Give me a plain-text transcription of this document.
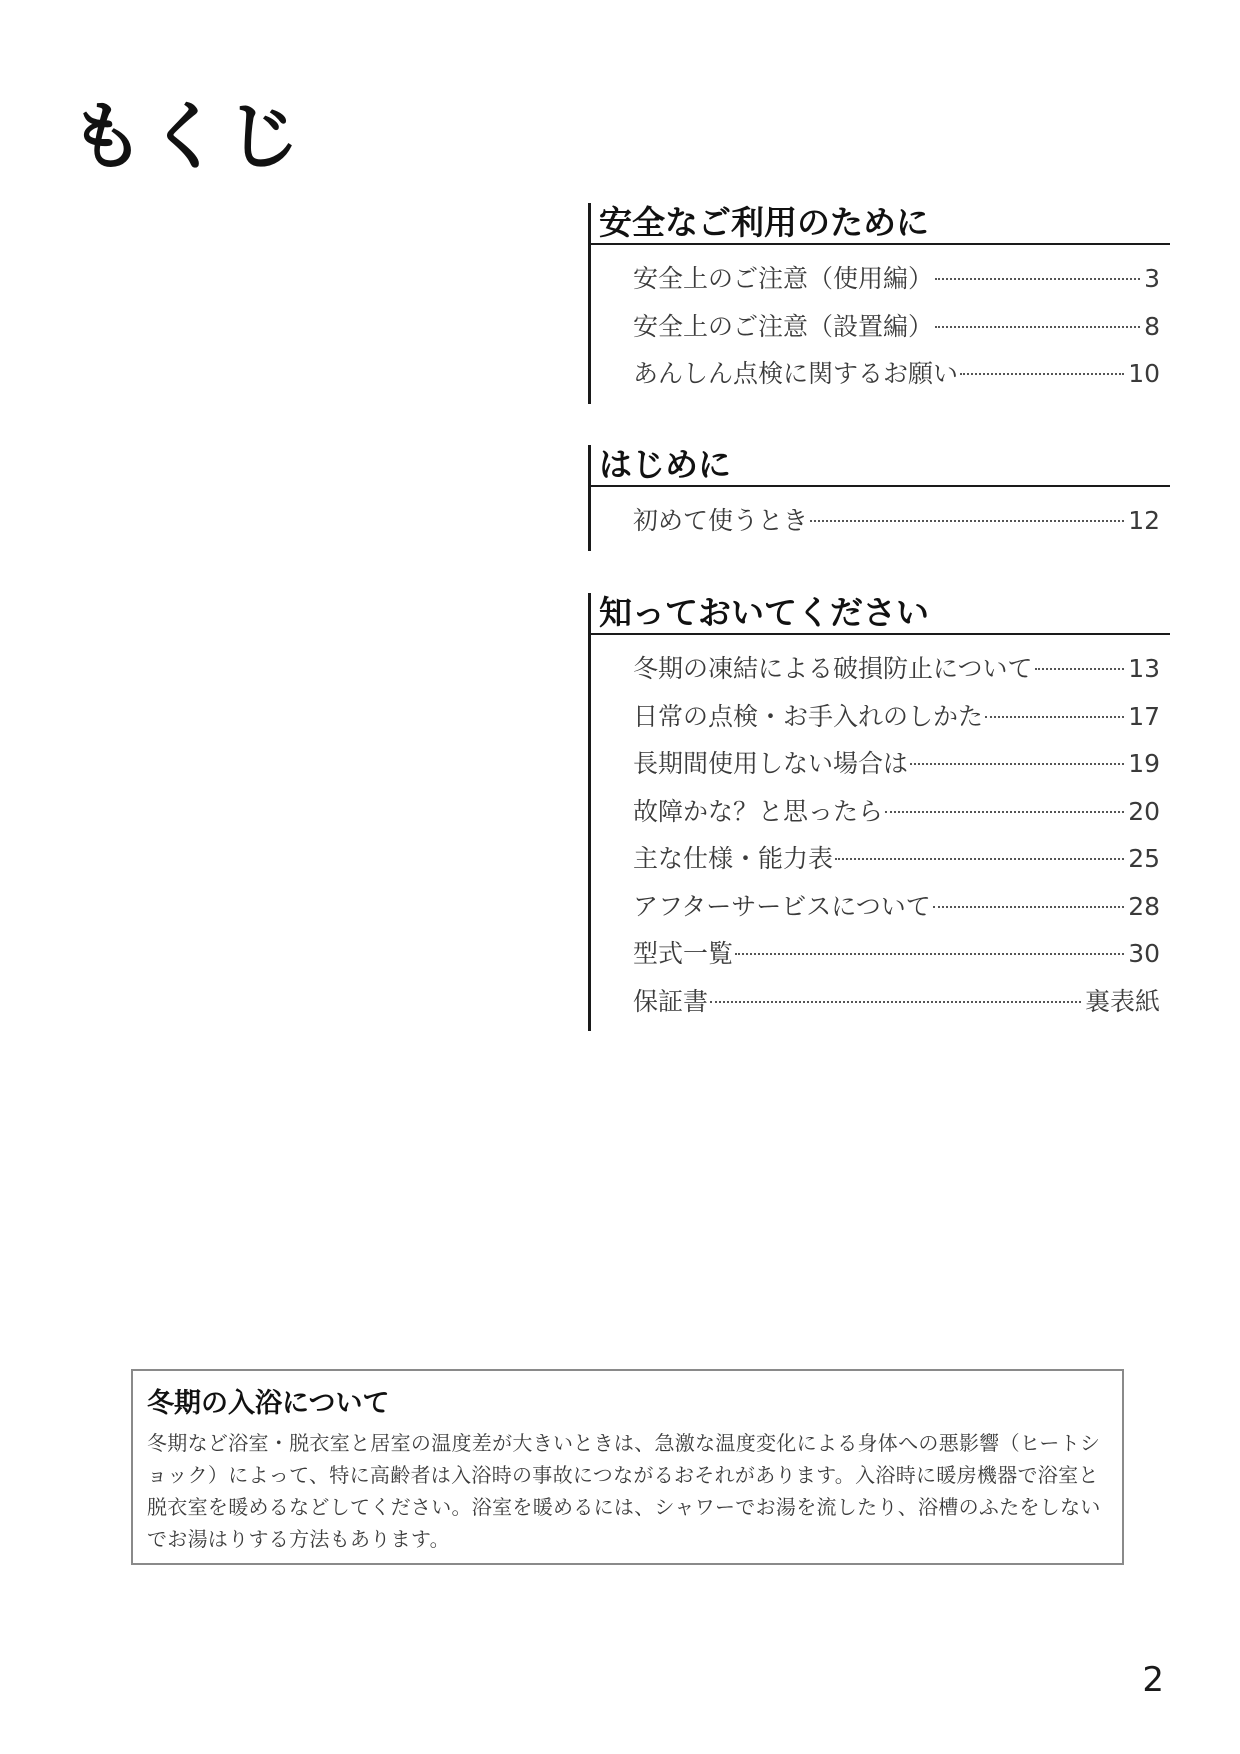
もくじ
安全なご利用のために
安全上のご注意（使用編）	3
安全上のご注意（設置編）	8
あんしん点検に関するお願い	10
はじめに
初めて使うとき	12
知っておいてください
冬期の凍結による破損防止について	13
日常の点検・お手入れのしかた	17
長期間使用しない場合は	19
故障かな？と思ったら	20
主な仕様・能力表	25
アフターサービスについて	28
型式一覧	30
保証書	裏表紙
冬期の入浴について
冬期など浴室・脱衣室と居室の温度差が大きいときは、急激な温度変化による身体への悪影響（ヒートショック）によって、特に高齢者は入浴時の事故につながるおそれがあります。入浴時に暖房機器で浴室と脱衣室を暖めるなどしてください。浴室を暖めるには、シャワーでお湯を流したり、浴槽のふたをしないでお湯はりする方法もあります。
2
